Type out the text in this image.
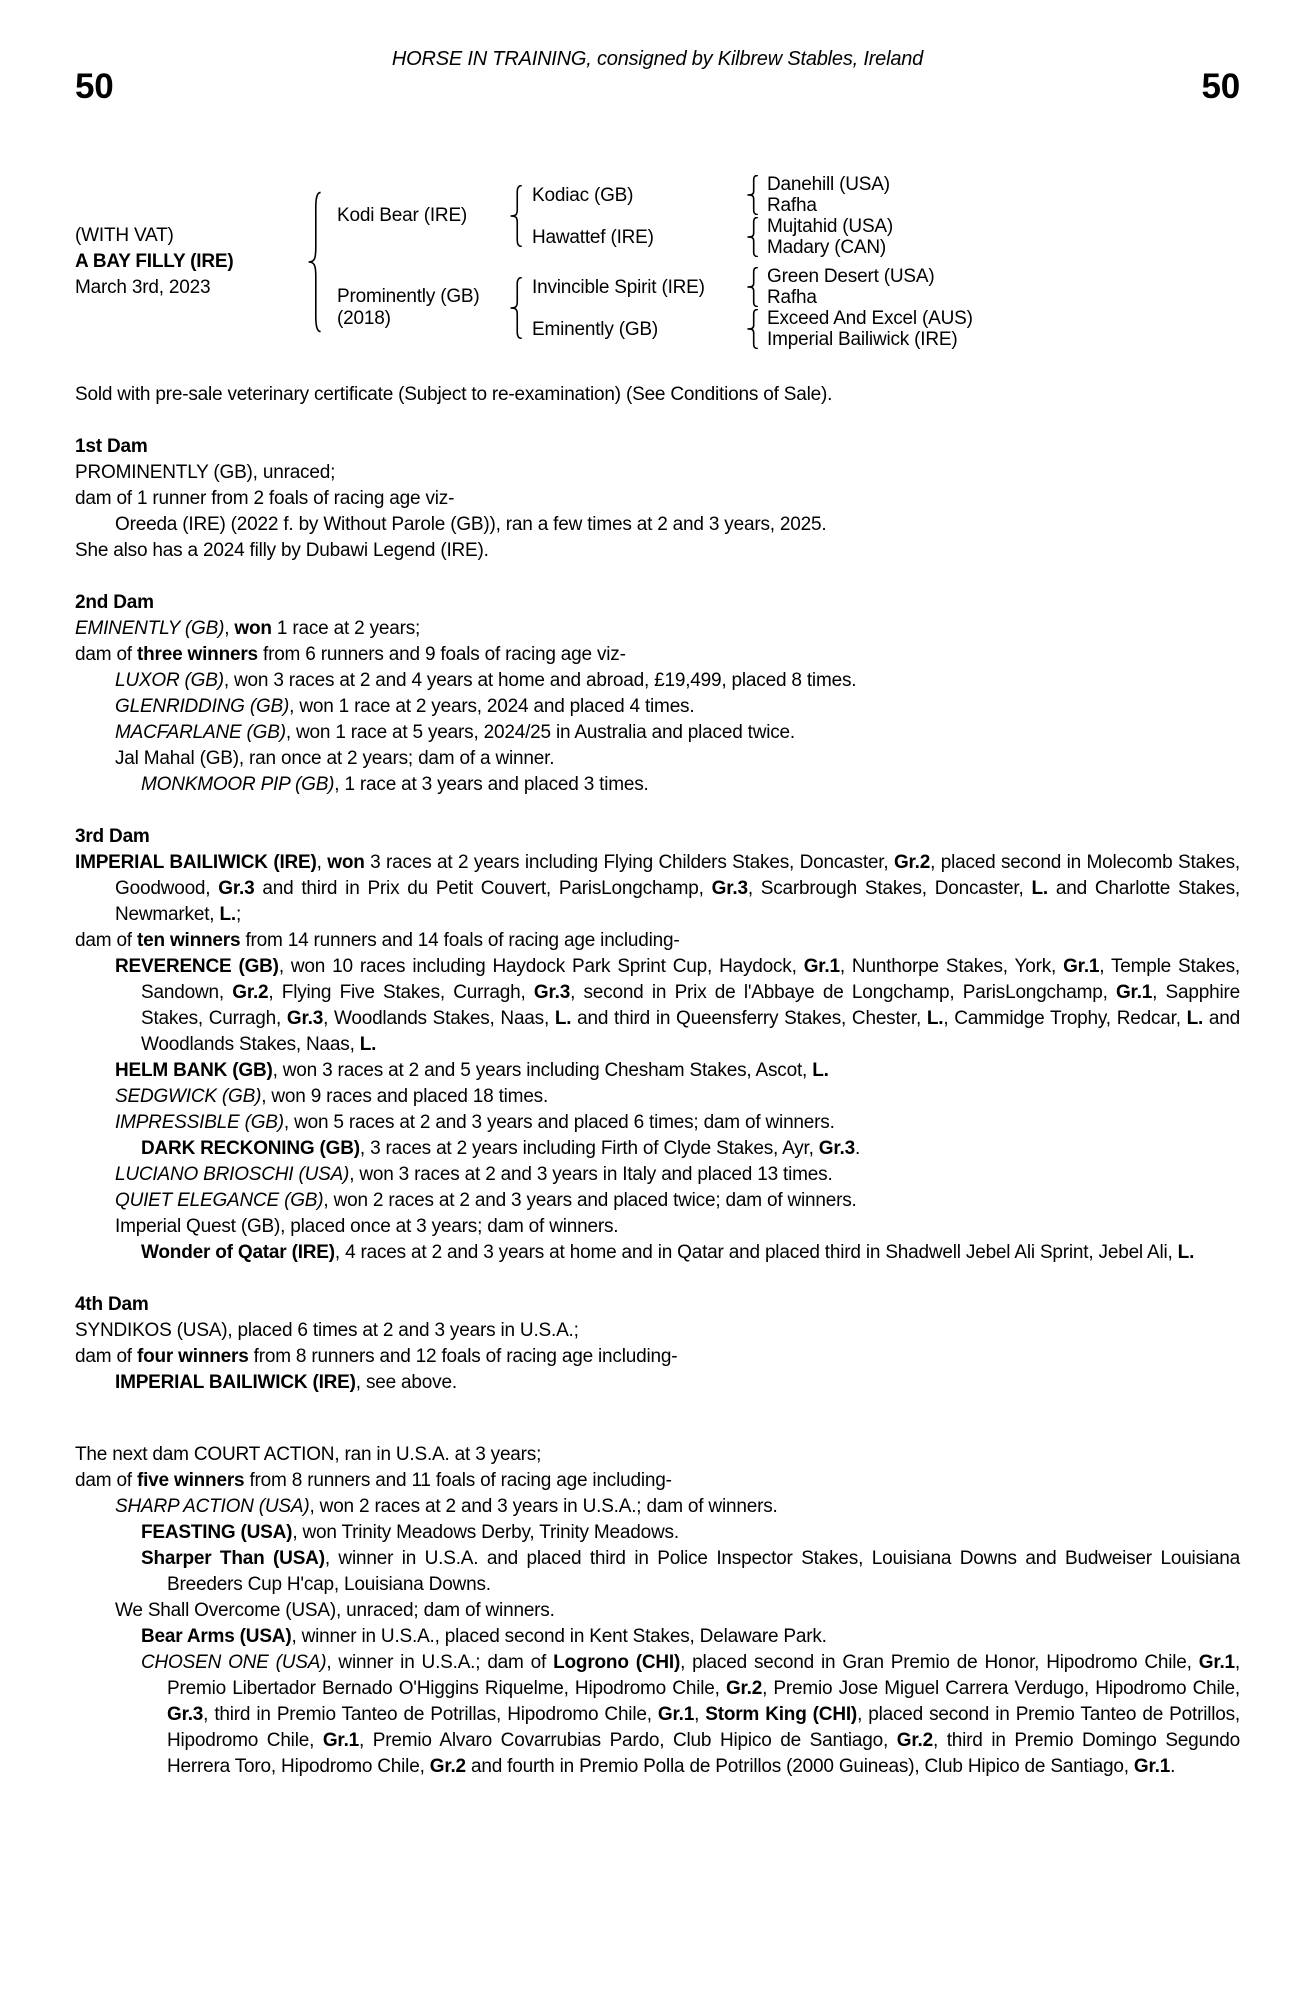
HORSE IN TRAINING, consigned by Kilbrew Stables, Ireland
50	50
(WITH VAT)
A BAY FILLY (IRE)
March 3rd, 2023
Kodi Bear (IRE)
Kodiac (GB)	Danehill (USA)
Rafha
Hawattef (IRE)	Mujtahid (USA)
Madary (CAN)
Prominently (GB)
(2018)
Invincible Spirit (IRE)	Green Desert (USA)
Rafha
Eminently (GB)	Exceed And Excel (AUS)
Imperial Bailiwick (IRE)
Sold with pre-sale veterinary certificate (Subject to re-examination) (See Conditions of Sale).
1st Dam
PROMINENTLY (GB), unraced;
dam of 1 runner from 2 foals of racing age viz-
Oreeda (IRE) (2022 f. by Without Parole (GB)), ran a few times at 2 and 3 years, 2025.
She also has a 2024 filly by Dubawi Legend (IRE).
2nd Dam
EMINENTLY (GB), won 1 race at 2 years;
dam of three winners from 6 runners and 9 foals of racing age viz-
LUXOR (GB), won 3 races at 2 and 4 years at home and abroad, £19,499, placed 8 times.
GLENRIDDING (GB), won 1 race at 2 years, 2024 and placed 4 times.
MACFARLANE (GB), won 1 race at 5 years, 2024/25 in Australia and placed twice.
Jal Mahal (GB), ran once at 2 years; dam of a winner.
MONKMOOR PIP (GB), 1 race at 3 years and placed 3 times.
3rd Dam
IMPERIAL BAILIWICK (IRE), won 3 races at 2 years including Flying Childers Stakes, Doncaster, Gr.2, placed second in Molecomb Stakes, Goodwood, Gr.3 and third in Prix du Petit Couvert, ParisLongchamp, Gr.3, Scarbrough Stakes, Doncaster, L. and Charlotte Stakes, Newmarket, L.;
dam of ten winners from 14 runners and 14 foals of racing age including-
REVERENCE (GB), won 10 races including Haydock Park Sprint Cup, Haydock, Gr.1, Nunthorpe Stakes, York, Gr.1, Temple Stakes, Sandown, Gr.2, Flying Five Stakes, Curragh, Gr.3, second in Prix de l'Abbaye de Longchamp, ParisLongchamp, Gr.1, Sapphire Stakes, Curragh, Gr.3, Woodlands Stakes, Naas, L. and third in Queensferry Stakes, Chester, L., Cammidge Trophy, Redcar, L. and Woodlands Stakes, Naas, L.
HELM BANK (GB), won 3 races at 2 and 5 years including Chesham Stakes, Ascot, L.
SEDGWICK (GB), won 9 races and placed 18 times.
IMPRESSIBLE (GB), won 5 races at 2 and 3 years and placed 6 times; dam of winners.
DARK RECKONING (GB), 3 races at 2 years including Firth of Clyde Stakes, Ayr, Gr.3.
LUCIANO BRIOSCHI (USA), won 3 races at 2 and 3 years in Italy and placed 13 times.
QUIET ELEGANCE (GB), won 2 races at 2 and 3 years and placed twice; dam of winners.
Imperial Quest (GB), placed once at 3 years; dam of winners.
Wonder of Qatar (IRE), 4 races at 2 and 3 years at home and in Qatar and placed third in Shadwell Jebel Ali Sprint, Jebel Ali, L.
4th Dam
SYNDIKOS (USA), placed 6 times at 2 and 3 years in U.S.A.;
dam of four winners from 8 runners and 12 foals of racing age including-
IMPERIAL BAILIWICK (IRE), see above.
The next dam COURT ACTION, ran in U.S.A. at 3 years;
dam of five winners from 8 runners and 11 foals of racing age including-
SHARP ACTION (USA), won 2 races at 2 and 3 years in U.S.A.; dam of winners.
FEASTING (USA), won Trinity Meadows Derby, Trinity Meadows.
Sharper Than (USA), winner in U.S.A. and placed third in Police Inspector Stakes, Louisiana Downs and Budweiser Louisiana Breeders Cup H'cap, Louisiana Downs.
We Shall Overcome (USA), unraced; dam of winners.
Bear Arms (USA), winner in U.S.A., placed second in Kent Stakes, Delaware Park.
CHOSEN ONE (USA), winner in U.S.A.; dam of Logrono (CHI), placed second in Gran Premio de Honor, Hipodromo Chile, Gr.1, Premio Libertador Bernado O'Higgins Riquelme, Hipodromo Chile, Gr.2, Premio Jose Miguel Carrera Verdugo, Hipodromo Chile, Gr.3, third in Premio Tanteo de Potrillas, Hipodromo Chile, Gr.1, Storm King (CHI), placed second in Premio Tanteo de Potrillos, Hipodromo Chile, Gr.1, Premio Alvaro Covarrubias Pardo, Club Hipico de Santiago, Gr.2, third in Premio Domingo Segundo Herrera Toro, Hipodromo Chile, Gr.2 and fourth in Premio Polla de Potrillos (2000 Guineas), Club Hipico de Santiago, Gr.1.
